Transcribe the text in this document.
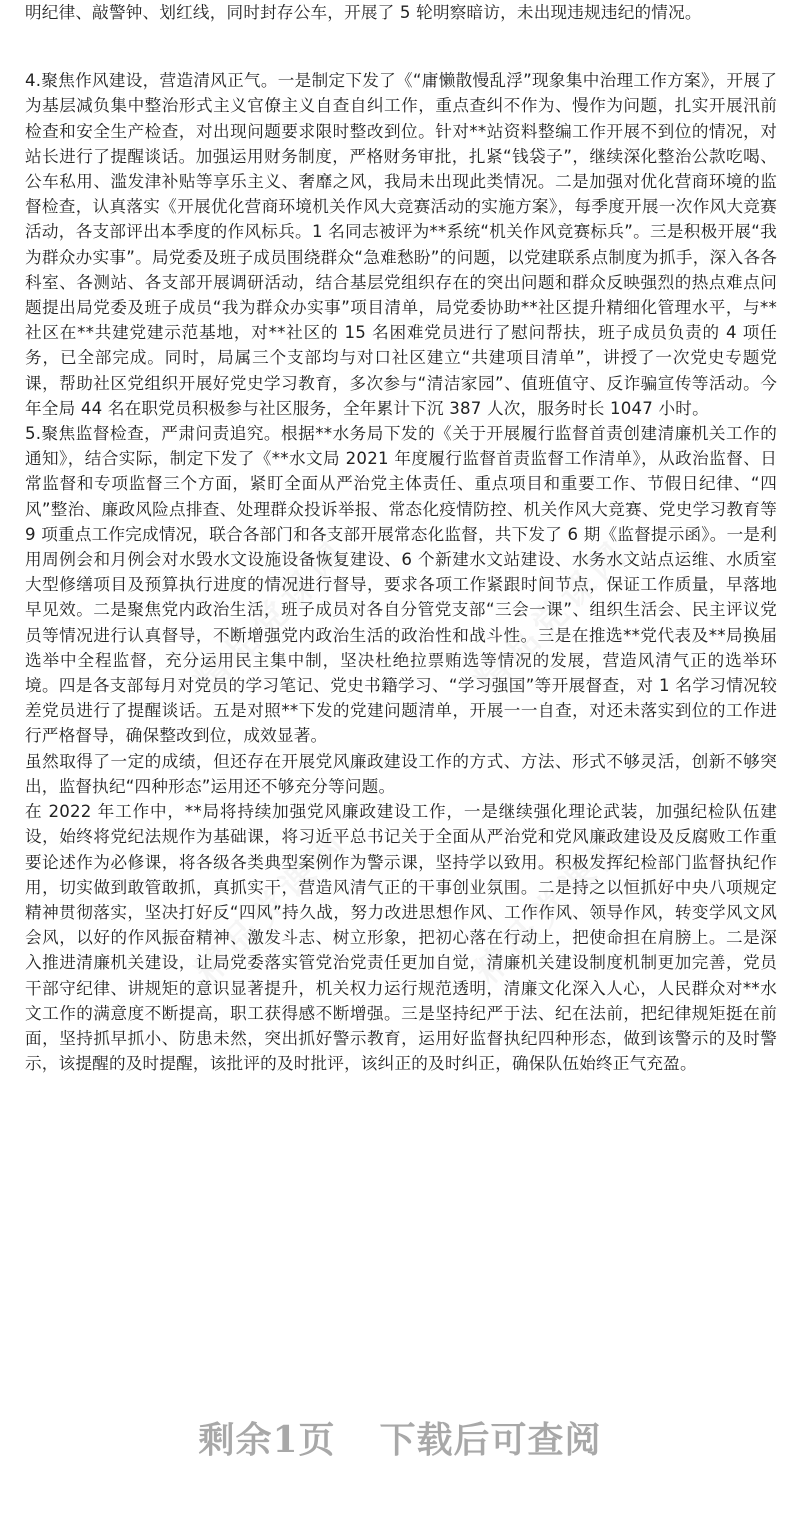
精品党课网	精品党课网
精品党课网	精品党课网

明纪律、敲警钟、划红线，同时封存公车，开展了 5 轮明察暗访，未出现违规违纪的情况。

4.聚焦作风建设，营造清风正气。一是制定下发了《“庸懒散慢乱浮”现象集中治理工作方案》，开展了为基层减负集中整治形式主义官僚主义自查自纠工作，重点查纠不作为、慢作为问题，扎实开展汛前检查和安全生产检查，对出现问题要求限时整改到位。针对**站资料整编工作开展不到位的情况，对站长进行了提醒谈话。加强运用财务制度，严格财务审批，扎紧“钱袋子”，继续深化整治公款吃喝、公车私用、滥发津补贴等享乐主义、奢靡之风，我局未出现此类情况。二是加强对优化营商环境的监督检查，认真落实《开展优化营商环境机关作风大竞赛活动的实施方案》，每季度开展一次作风大竞赛活动，各支部评出本季度的作风标兵。1 名同志被评为**系统“机关作风竞赛标兵”。三是积极开展“我为群众办实事”。局党委及班子成员围绕群众“急难愁盼”的问题，以党建联系点制度为抓手，深入各各科室、各测站、各支部开展调研活动，结合基层党组织存在的突出问题和群众反映强烈的热点难点问题提出局党委及班子成员“我为群众办实事”项目清单，局党委协助**社区提升精细化管理水平，与**社区在**共建党建示范基地，对**社区的 15 名困难党员进行了慰问帮扶，班子成员负责的 4 项任务，已全部完成。同时，局属三个支部均与对口社区建立“共建项目清单”，讲授了一次党史专题党课，帮助社区党组织开展好党史学习教育，多次参与“清洁家园”、值班值守、反诈骗宣传等活动。今年全局 44 名在职党员积极参与社区服务，全年累计下沉 387 人次，服务时长 1047 小时。

5.聚焦监督检查，严肃问责追究。根据**水务局下发的《关于开展履行监督首责创建清廉机关工作的通知》，结合实际，制定下发了《**水文局 2021 年度履行监督首责监督工作清单》，从政治监督、日常监督和专项监督三个方面，紧盯全面从严治党主体责任、重点项目和重要工作、节假日纪律、“四风”整治、廉政风险点排查、处理群众投诉举报、常态化疫情防控、机关作风大竞赛、党史学习教育等 9 项重点工作完成情况，联合各部门和各支部开展常态化监督，共下发了 6 期《监督提示函》。一是利用周例会和月例会对水毁水文设施设备恢复建设、6 个新建水文站建设、水务水文站点运维、水质室大型修缮项目及预算执行进度的情况进行督导，要求各项工作紧跟时间节点，保证工作质量，早落地早见效。二是聚焦党内政治生活，班子成员对各自分管党支部“三会一课”、组织生活会、民主评议党员等情况进行认真督导，不断增强党内政治生活的政治性和战斗性。三是在推选**党代表及**局换届选举中全程监督，充分运用民主集中制，坚决杜绝拉票贿选等情况的发展，营造风清气正的选举环境。四是各支部每月对党员的学习笔记、党史书籍学习、“学习强国”等开展督查，对 1 名学习情况较差党员进行了提醒谈话。五是对照**下发的党建问题清单，开展一一自查，对还未落实到位的工作进行严格督导，确保整改到位，成效显著。

虽然取得了一定的成绩，但还存在开展党风廉政建设工作的方式、方法、形式不够灵活，创新不够突出，监督执纪“四种形态”运用还不够充分等问题。

在 2022 年工作中，**局将持续加强党风廉政建设工作，一是继续强化理论武装，加强纪检队伍建设，始终将党纪法规作为基础课，将习近平总书记关于全面从严治党和党风廉政建设及反腐败工作重要论述作为必修课，将各级各类典型案例作为警示课，坚持学以致用。积极发挥纪检部门监督执纪作用，切实做到敢管敢抓，真抓实干，营造风清气正的干事创业氛围。二是持之以恒抓好中央八项规定精神贯彻落实，坚决打好反“四风”持久战，努力改进思想作风、工作作风、领导作风，转变学风文风会风，以好的作风振奋精神、激发斗志、树立形象，把初心落在行动上，把使命担在肩膀上。二是深入推进清廉机关建设，让局党委落实管党治党责任更加自觉，清廉机关建设制度机制更加完善，党员干部守纪律、讲规矩的意识显著提升，机关权力运行规范透明，清廉文化深入人心，人民群众对**水文工作的满意度不断提高，职工获得感不断增强。三是坚持纪严于法、纪在法前，把纪律规矩挺在前面，坚持抓早抓小、防患未然，突出抓好警示教育，运用好监督执纪四种形态，做到该警示的及时警示，该提醒的及时提醒，该批评的及时批评，该纠正的及时纠正，确保队伍始终正气充盈。

剩余1页 下载后可查阅
